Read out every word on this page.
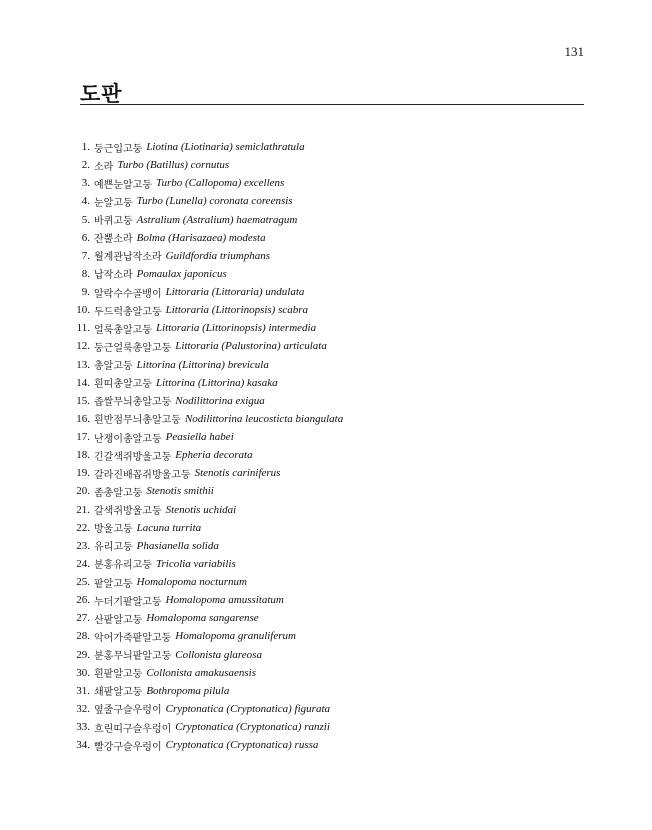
131
도판
1. 둥근입고둥 Liotina (Liotinaria) semiclathratula
2. 소라 Turbo (Batillus) cornutus
3. 예쁜눈알고둥 Turbo (Callopoma) excellens
4. 눈알고둥 Turbo (Lunella) coronata coreensis
5. 바퀴고둥 Astralium (Astralium) haematragum
6. 잔뿔소라 Bolma (Harisazaea) modesta
7. 월계관납작소라 Guildfordia triumphans
8. 납작소라 Pomaulax japonicus
9. 알락수수골뱅이 Littoraria (Littoraria) undulata
10. 두드럭총알고둥 Littoraria (Littorinopsis) scabra
11. 얼룩총알고둥 Littoraria (Littorinopsis) intermedia
12. 둥근얼룩총알고둥 Littoraria (Palustorina) articulata
13. 총알고둥 Littorina (Littorina) brevicula
14. 흰띠총알고둥 Littorina (Littorina) kasaka
15. 좁쌀무늬총알고둥 Nodilittorina exigua
16. 흰반점무늬총알고둥 Nodilittorina leucosticta biangulata
17. 난쟁이총알고둥 Peasiella habei
18. 긴갈색쥐방울고둥 Epheria decorata
19. 갈라진배꼽쥐방울고둥 Stenotis cariniferus
20. 좀총알고둥 Stenotis smithii
21. 갈색쥐방울고둥 Stenotis uchidai
22. 방울고둥 Lacuna turrita
23. 유리고둥 Phasianella solida
24. 분홍유리고둥 Tricolia variabilis
25. 팥알고둥 Homalopoma nocturnum
26. 누더기팥알고둥 Homalopoma amussitatum
27. 산팥알고둥 Homalopoma sangarense
28. 악어가죽팥알고둥 Homalopoma granuliferum
29. 분홍무늬팥알고둥 Collonista glareosa
30. 흰팥알고둥 Collonista amakusaensis
31. 쇄팥알고둥 Bothropoma pilula
32. 옆줄구슬우렁이 Cryptonatica (Cryptonatica) figurata
33. 흐린띠구슬우렁이 Cryptonatica (Cryptonatica) ranzii
34. 빨강구슬우렁이 Cryptonatica (Cryptonatica) russa
